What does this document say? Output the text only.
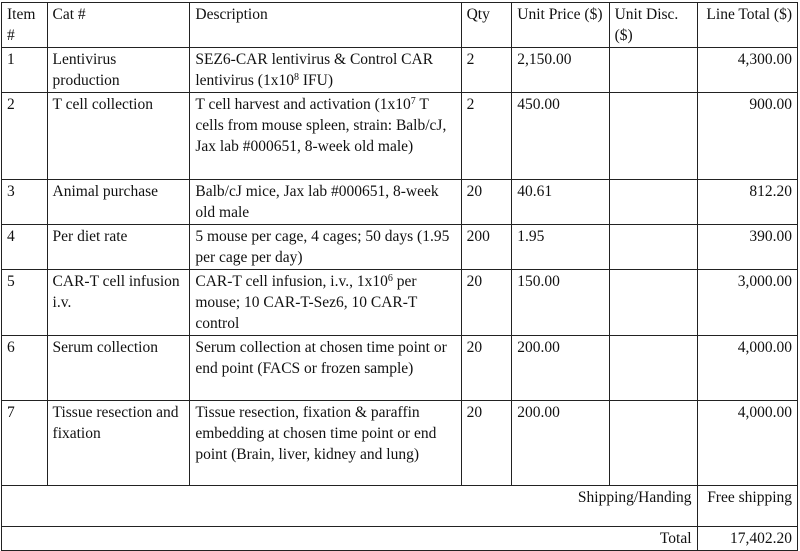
Item #	Cat #	Description	Qty	Unit Price ($)	Unit Disc. ($)	Line Total ($)
1	Lentivirus production	SEZ6-CAR lentivirus & Control CAR lentivirus ($1x10^8$ IFU)	2	2,150.00		4,300.00
2	T cell collection	T cell harvest and activation ($1x10^7$ T cells from mouse spleen, strain: Balb/cJ, Jax lab #000651, 8-week old male)	2	450.00		900.00
3	Animal purchase	Balb/cJ mice, Jax lab #000651, 8-week old male	20	40.61		812.20
4	Per diet rate	5 mouse per cage, 4 cages; 50 days (1.95 per cage per day)	200	1.95		390.00
5	CAR-T cell infusion i.v.	CAR-T cell infusion, i.v., $1x10^6$ per mouse; 10 CAR-T-Sez6, 10 CAR-T control	20	150.00		3,000.00
6	Serum collection	Serum collection at chosen time point or end point (FACS or frozen sample)	20	200.00		4,000.00
7	Tissue resection and fixation	Tissue resection, fixation & paraffin embedding at chosen time point or end point (Brain, liver, kidney and lung)	20	200.00		4,000.00
Shipping/Handing						Free shipping
Total						17,402.20
